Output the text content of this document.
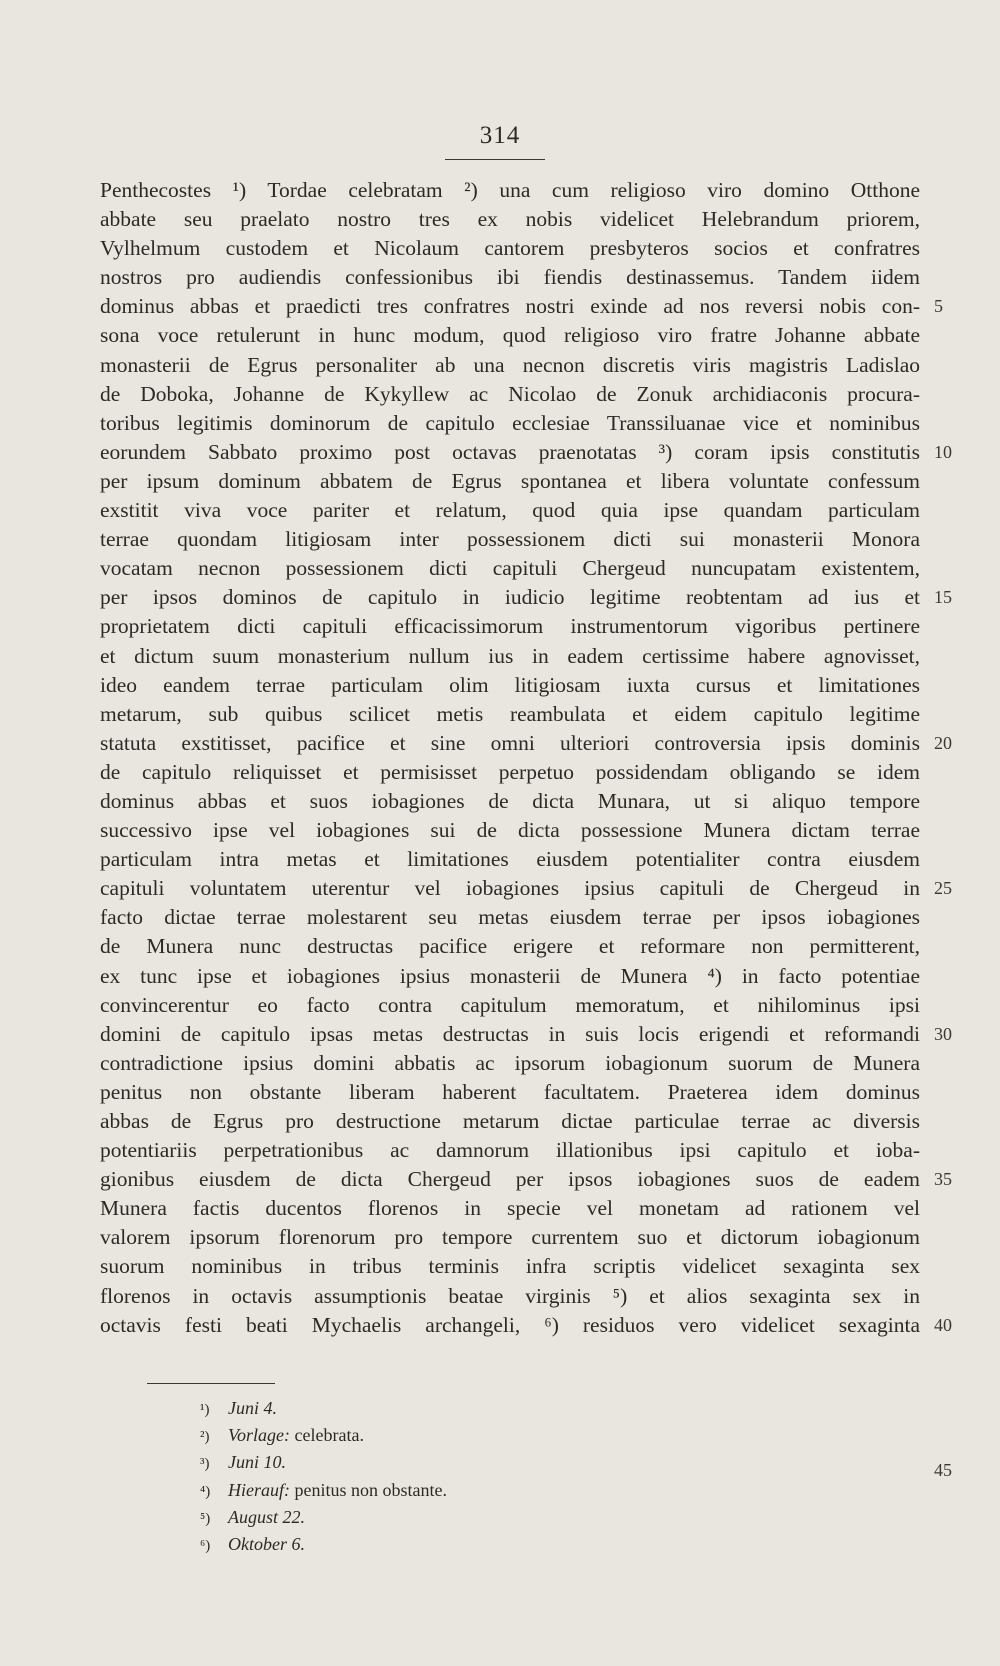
314
Penthecostes ¹) Tordae celebratam ²) una cum religioso viro domino Otthone
abbate seu praelato nostro tres ex nobis videlicet Helebrandum priorem,
Vylhelmum custodem et Nicolaum cantorem presbyteros socios et confratres
nostros pro audiendis confessionibus ibi fiendis destinassemus. Tandem iidem
dominus abbas et praedicti tres confratres nostri exinde ad nos reversi nobis con-
sona voce retulerunt in hunc modum, quod religioso viro fratre Johanne abbate
monasterii de Egrus personaliter ab una necnon discretis viris magistris Ladislao
de Doboka, Johanne de Kykyllew ac Nicolao de Zonuk archidiaconis procura-
toribus legitimis dominorum de capitulo ecclesiae Transsiluanae vice et nominibus
eorundem Sabbato proximo post octavas praenotatas ³) coram ipsis constitutis
per ipsum dominum abbatem de Egrus spontanea et libera voluntate confessum
exstitit viva voce pariter et relatum, quod quia ipse quandam particulam
terrae quondam litigiosam inter possessionem dicti sui monasterii Monora
vocatam necnon possessionem dicti capituli Chergeud nuncupatam existentem,
per ipsos dominos de capitulo in iudicio legitime reobtentam ad ius et
proprietatem dicti capituli efficacissimorum instrumentorum vigoribus pertinere
et dictum suum monasterium nullum ius in eadem certissime habere agnovisset,
ideo eandem terrae particulam olim litigiosam iuxta cursus et limitationes
metarum, sub quibus scilicet metis reambulata et eidem capitulo legitime
statuta exstitisset, pacifice et sine omni ulteriori controversia ipsis dominis
de capitulo reliquisset et permisisset perpetuo possidendam obligando se idem
dominus abbas et suos iobagiones de dicta Munara, ut si aliquo tempore
successivo ipse vel iobagiones sui de dicta possessione Munera dictam terrae
particulam intra metas et limitationes eiusdem potentialiter contra eiusdem
capituli voluntatem uterentur vel iobagiones ipsius capituli de Chergeud in
facto dictae terrae molestarent seu metas eiusdem terrae per ipsos iobagiones
de Munera nunc destructas pacifice erigere et reformare non permitterent,
ex tunc ipse et iobagiones ipsius monasterii de Munera ⁴) in facto potentiae
convincerentur eo facto contra capitulum memoratum, et nihilominus ipsi
domini de capitulo ipsas metas destructas in suis locis erigendi et reformandi
contradictione ipsius domini abbatis ac ipsorum iobagionum suorum de Munera
penitus non obstante liberam haberent facultatem. Praeterea idem dominus
abbas de Egrus pro destructione metarum dictae particulae terrae ac diversis
potentiariis perpetrationibus ac damnorum illationibus ipsi capitulo et ioba-
gionibus eiusdem de dicta Chergeud per ipsos iobagiones suos de eadem
Munera factis ducentos florenos in specie vel monetam ad rationem vel
valorem ipsorum florenorum pro tempore currentem suo et dictorum iobagionum
suorum nominibus in tribus terminis infra scriptis videlicet sexaginta sex
florenos in octavis assumptionis beatae virginis ⁵) et alios sexaginta sex in
octavis festi beati Mychaelis archangeli, ⁶) residuos vero videlicet sexaginta
5
10
15
20
25
30
35
40
45
¹) Juni 4.
²) Vorlage: celebrata.
³) Juni 10.
⁴) Hierauf: penitus non obstante.
⁵) August 22.
⁶) Oktober 6.
